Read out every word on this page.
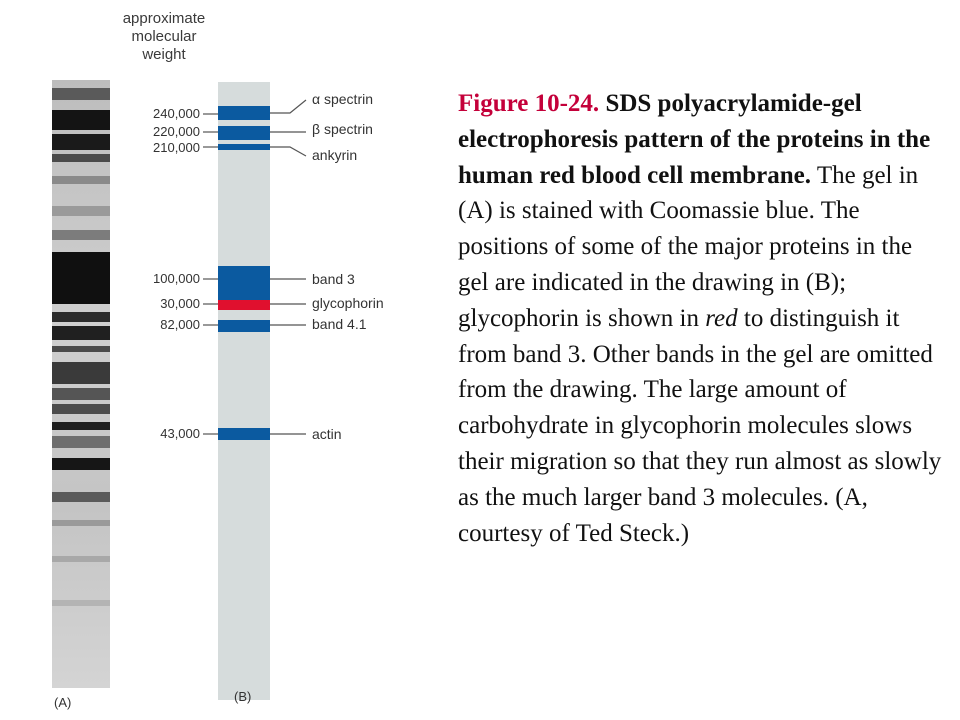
approximate
molecular
weight
(A)	(B)
240,000
220,000
210,000
100,000
30,000
82,000
43,000
α spectrin
β spectrin
ankyrin
band 3
glycophorin
band 4.1
actin
Figure 10-24. SDS polyacrylamide-gel electrophoresis pattern of the proteins in the human red blood cell membrane. The gel in (A) is stained with Coomassie blue. The positions of some of the major proteins in the gel are indicated in the drawing in (B); glycophorin is shown in red to distinguish it from band 3. Other bands in the gel are omitted from the drawing. The large amount of carbohydrate in glycophorin molecules slows their migration so that they run almost as slowly as the much larger band 3 molecules. (A, courtesy of Ted Steck.)
